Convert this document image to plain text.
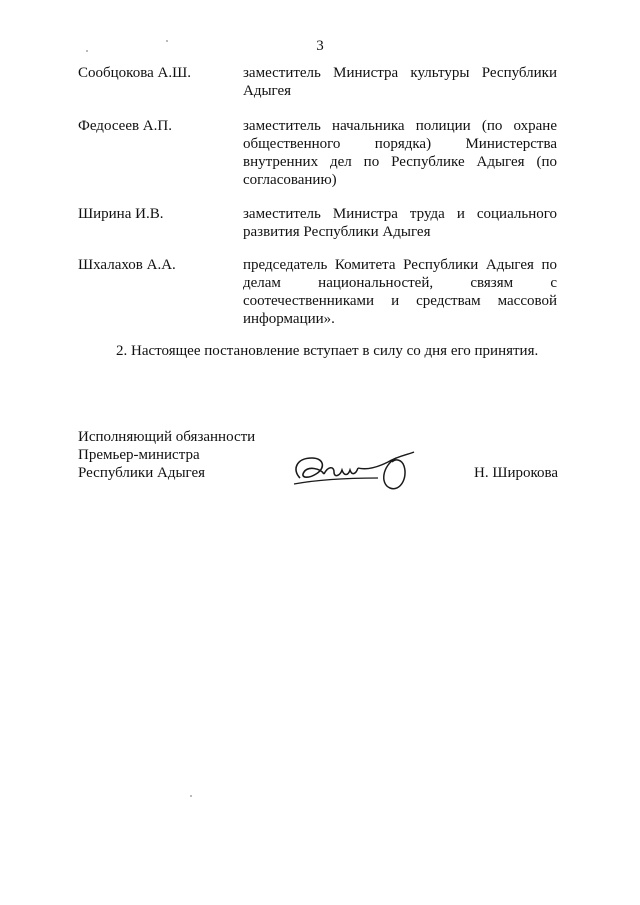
3
Сообцокова А.Ш.	заместитель Министра культуры Республики Адыгея
Федосеев А.П.	заместитель начальника полиции (по охране общественного порядка) Министерства внутренних дел по Республике Адыгея (по согласованию)
Ширина И.В.	заместитель Министра труда и социального развития Республики Адыгея
Шхалахов А.А.	председатель Комитета Республики Адыгея по делам национальностей, связям с соотечественниками и средствам массовой информации».
2. Настоящее постановление вступает в силу со дня его принятия.
Исполняющий обязанности
Премьер-министра
Республики Адыгея	Н. Широкова
